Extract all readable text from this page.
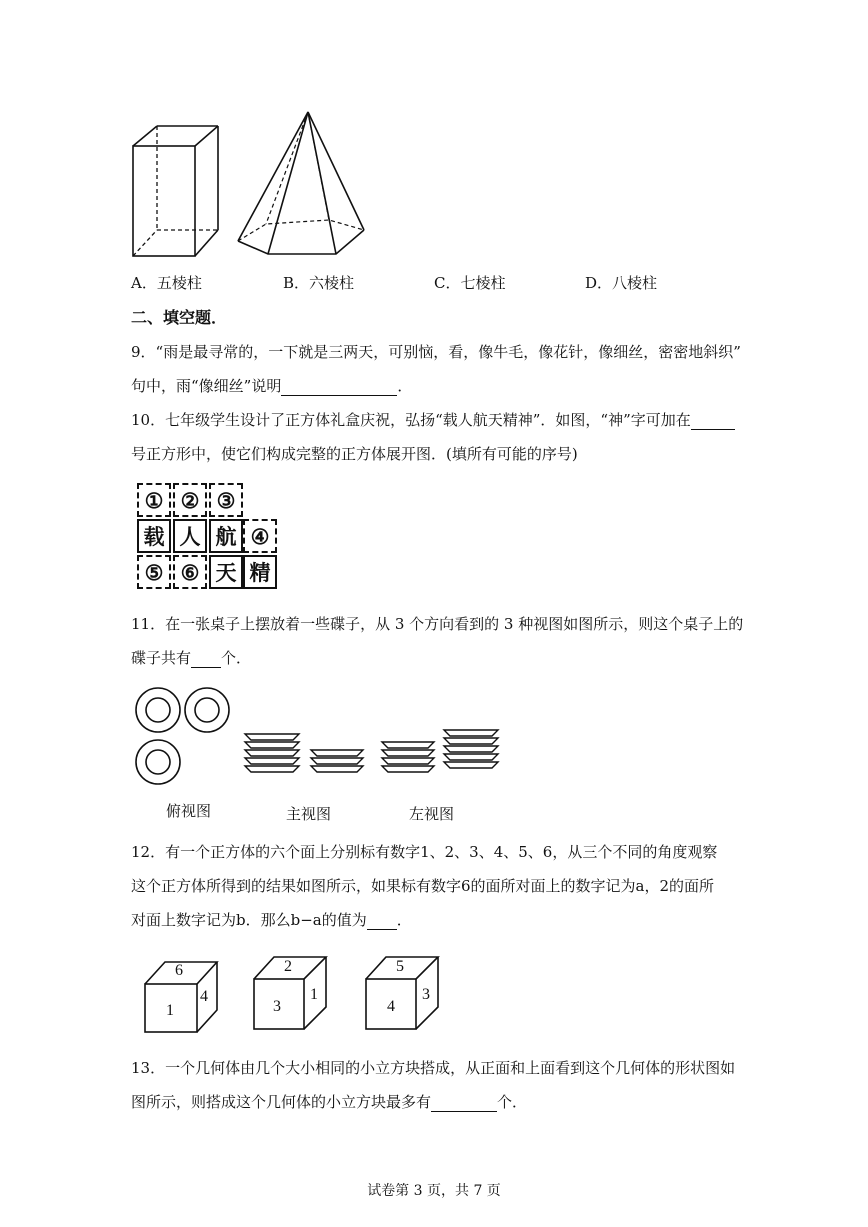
A．五棱柱	B．六棱柱	C．七棱柱	D．八棱柱
二、填空题．
9．“雨是最寻常的，一下就是三两天，可别恼，看，像牛毛，像花针，像细丝，密密地斜织”
句中，雨“像细丝”说明	．
10．七年级学生设计了正方体礼盒庆祝，弘扬“载人航天精神”．如图，“神”字可加在
号正方形中，使它们构成完整的正方体展开图．(填所有可能的序号)
① ② ③
载 人 航 ④
⑤ ⑥ 天 精
11．在一张桌子上摆放着一些碟子，从 3 个方向看到的 3 种视图如图所示，则这个桌子上的
碟子共有 个．
俯视图	主视图	左视图
12．有一个正方体的六个面上分别标有数字1、2、3、4、5、6，从三个不同的角度观察
这个正方体所得到的结果如图所示，如果标有数字6的面所对面上的数字记为a，2的面所
对面上数字记为b．那么b−a的值为 ．
6
1
4
2
3
1
5
4
3
13．一个几何体由几个大小相同的小立方块搭成，从正面和上面看到这个几何体的形状图如
图所示，则搭成这个几何体的小立方块最多有	个．
试卷第 3 页，共 7 页
